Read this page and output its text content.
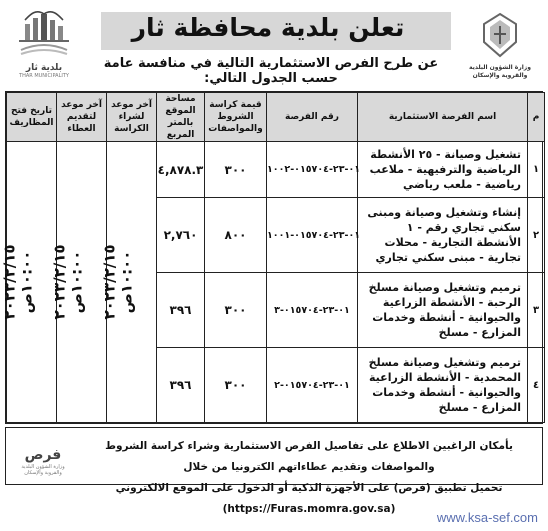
بلدية ثار
THAR MUNICIPALITY
تعلن بلدية محافظة ثار
عن طرح الفرص الاستثمارية التالية في منافسة عامة حسب الجدول التالي:
وزارة الشؤون البلدية والقروية والإسكان
م	اسم الفرصة الاستثمارية	رقم الفرصة	قيمة كراسة الشروط والمواصفات	مساحة الموقع بالمتر المربع	آخر موعد لشراء الكراسة	آخر موعد لتقديم العطاء	تاريخ فتح المظاريف
١	تشغيل وصيانة - ٢٥ الأنشطة الرياضية والترفيهية - ملاعب رياضية - ملعب رياضي	٠١-٢٣-٠١٥٧٠٤-١٠٠٢	٣٠٠	٤,٨٧٨.٣	٢٠٢٣/٢/١٥ ١٠:٠٠ص	٢٠٢٣/٢/١٥ ١٠:٠٠ص	٢٠٢٣/٢/١٥ ١٠:٠٠ص

٢	إنشاء وتشغيل وصيانة ومبنى سكني تجاري رقم - ١ الأنشطة التجارية - محلات تجارية - مبنى سكني تجاري	٠١-٢٣-٠١٥٧٠٤-١٠٠١	٨٠٠	٢,٧٦٠			
٣	ترميم وتشغيل وصيانة مسلخ الرحبة - الأنشطة الزراعية والحيوانية - أنشطة وخدمات المزارع - مسلخ	٠١-٢٣-٠١٥٧٠٤-٣	٣٠٠	٣٩٦			
٤	ترميم وتشغيل وصيانة مسلخ المحمدية - الأنشطة الزراعية والحيوانية - أنشطة وخدمات المزارع - مسلخ	٠١-٢٣-٠١٥٧٠٤-٢	٣٠٠	٣٩٦			
فرص
وزارة الشؤون البلدية والقروية والإسكان
يأمكان الراغبين الاطلاع على تفاصيل الفرص الاستثمارية وشراء كراسة الشروط والمواصفات وتقديم عطاءاتهم الكترونيا من خلال
تحميل تطبيق (فرص) على الأجهزة الذكية أو الدخول على الموقع الالكتروني (https://Furas.momra.gov.sa)
www.ksa-sef.com
